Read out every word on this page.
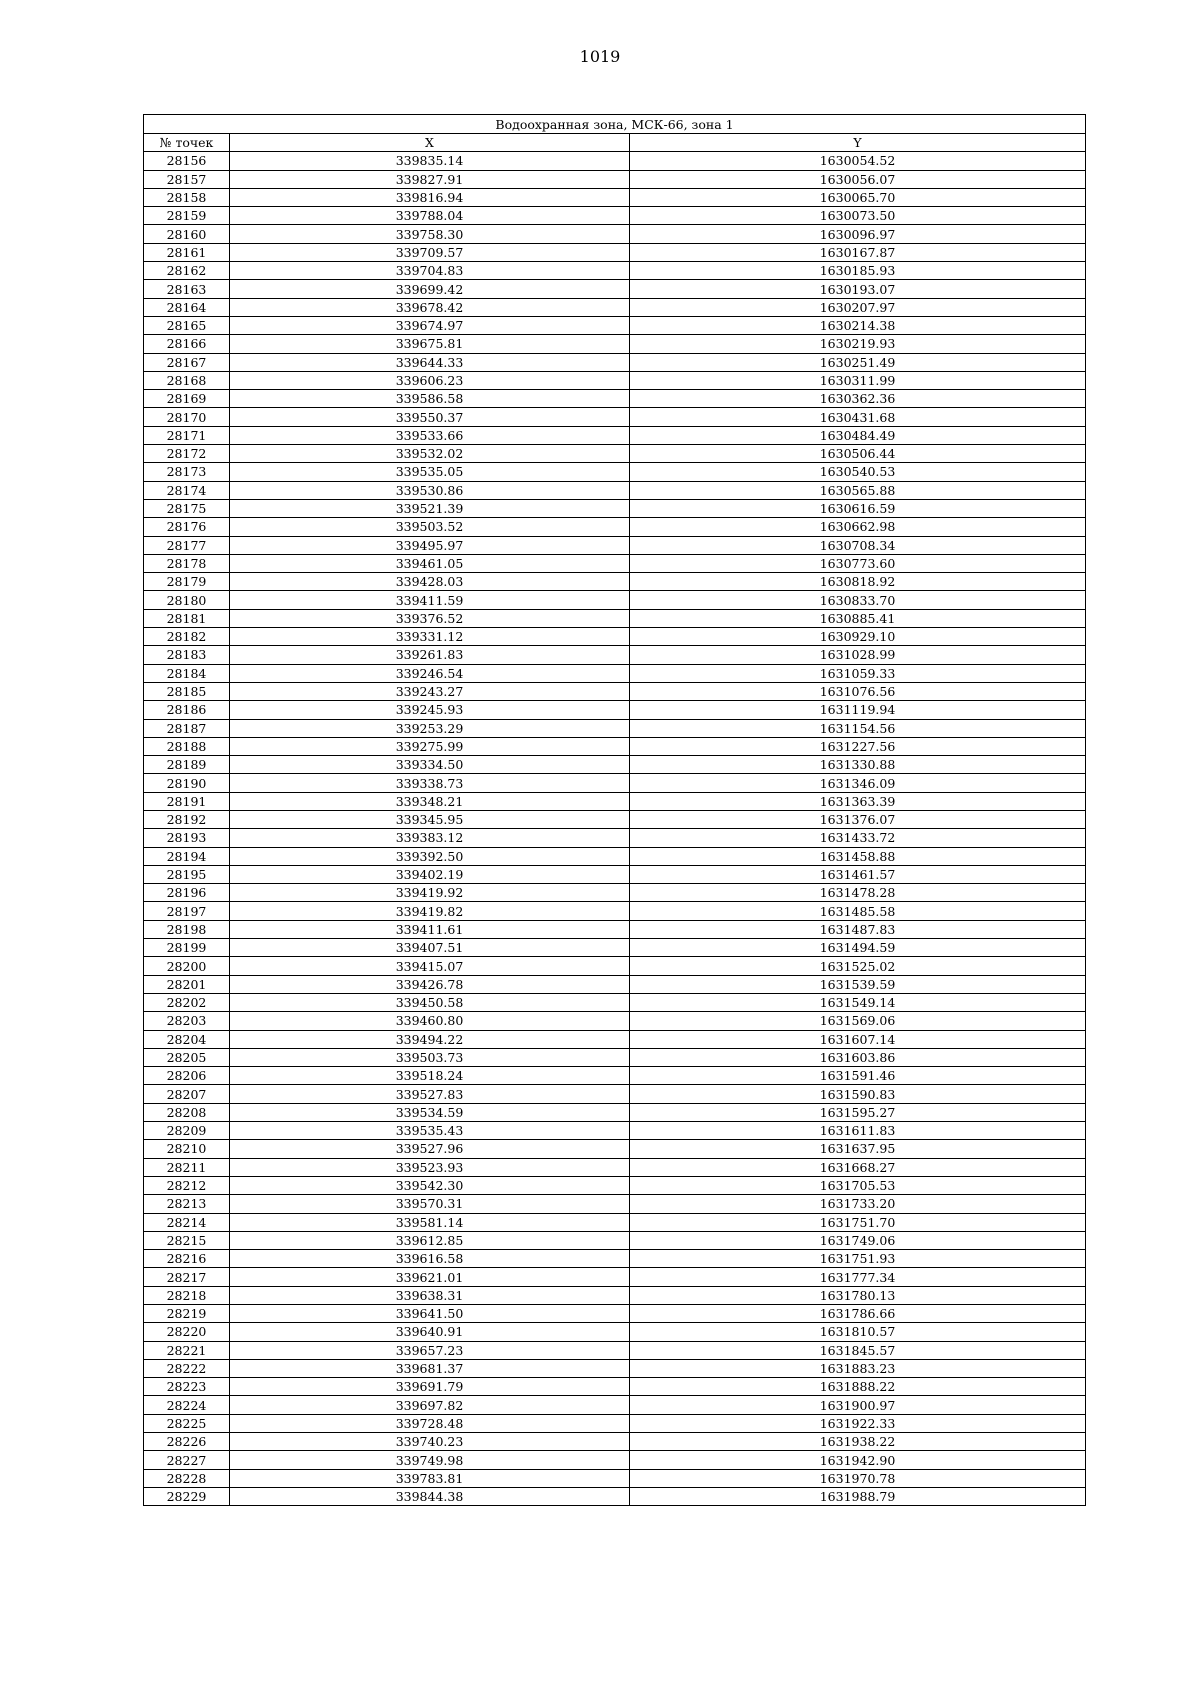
1019
Водоохранная зона, МСК-66, зона 1		
№ точек	X	Y
28156	339835.14	1630054.52
28157	339827.91	1630056.07
28158	339816.94	1630065.70
28159	339788.04	1630073.50
28160	339758.30	1630096.97
28161	339709.57	1630167.87
28162	339704.83	1630185.93
28163	339699.42	1630193.07
28164	339678.42	1630207.97
28165	339674.97	1630214.38
28166	339675.81	1630219.93
28167	339644.33	1630251.49
28168	339606.23	1630311.99
28169	339586.58	1630362.36
28170	339550.37	1630431.68
28171	339533.66	1630484.49
28172	339532.02	1630506.44
28173	339535.05	1630540.53
28174	339530.86	1630565.88
28175	339521.39	1630616.59
28176	339503.52	1630662.98
28177	339495.97	1630708.34
28178	339461.05	1630773.60
28179	339428.03	1630818.92
28180	339411.59	1630833.70
28181	339376.52	1630885.41
28182	339331.12	1630929.10
28183	339261.83	1631028.99
28184	339246.54	1631059.33
28185	339243.27	1631076.56
28186	339245.93	1631119.94
28187	339253.29	1631154.56
28188	339275.99	1631227.56
28189	339334.50	1631330.88
28190	339338.73	1631346.09
28191	339348.21	1631363.39
28192	339345.95	1631376.07
28193	339383.12	1631433.72
28194	339392.50	1631458.88
28195	339402.19	1631461.57
28196	339419.92	1631478.28
28197	339419.82	1631485.58
28198	339411.61	1631487.83
28199	339407.51	1631494.59
28200	339415.07	1631525.02
28201	339426.78	1631539.59
28202	339450.58	1631549.14
28203	339460.80	1631569.06
28204	339494.22	1631607.14
28205	339503.73	1631603.86
28206	339518.24	1631591.46
28207	339527.83	1631590.83
28208	339534.59	1631595.27
28209	339535.43	1631611.83
28210	339527.96	1631637.95
28211	339523.93	1631668.27
28212	339542.30	1631705.53
28213	339570.31	1631733.20
28214	339581.14	1631751.70
28215	339612.85	1631749.06
28216	339616.58	1631751.93
28217	339621.01	1631777.34
28218	339638.31	1631780.13
28219	339641.50	1631786.66
28220	339640.91	1631810.57
28221	339657.23	1631845.57
28222	339681.37	1631883.23
28223	339691.79	1631888.22
28224	339697.82	1631900.97
28225	339728.48	1631922.33
28226	339740.23	1631938.22
28227	339749.98	1631942.90
28228	339783.81	1631970.78
28229	339844.38	1631988.79
